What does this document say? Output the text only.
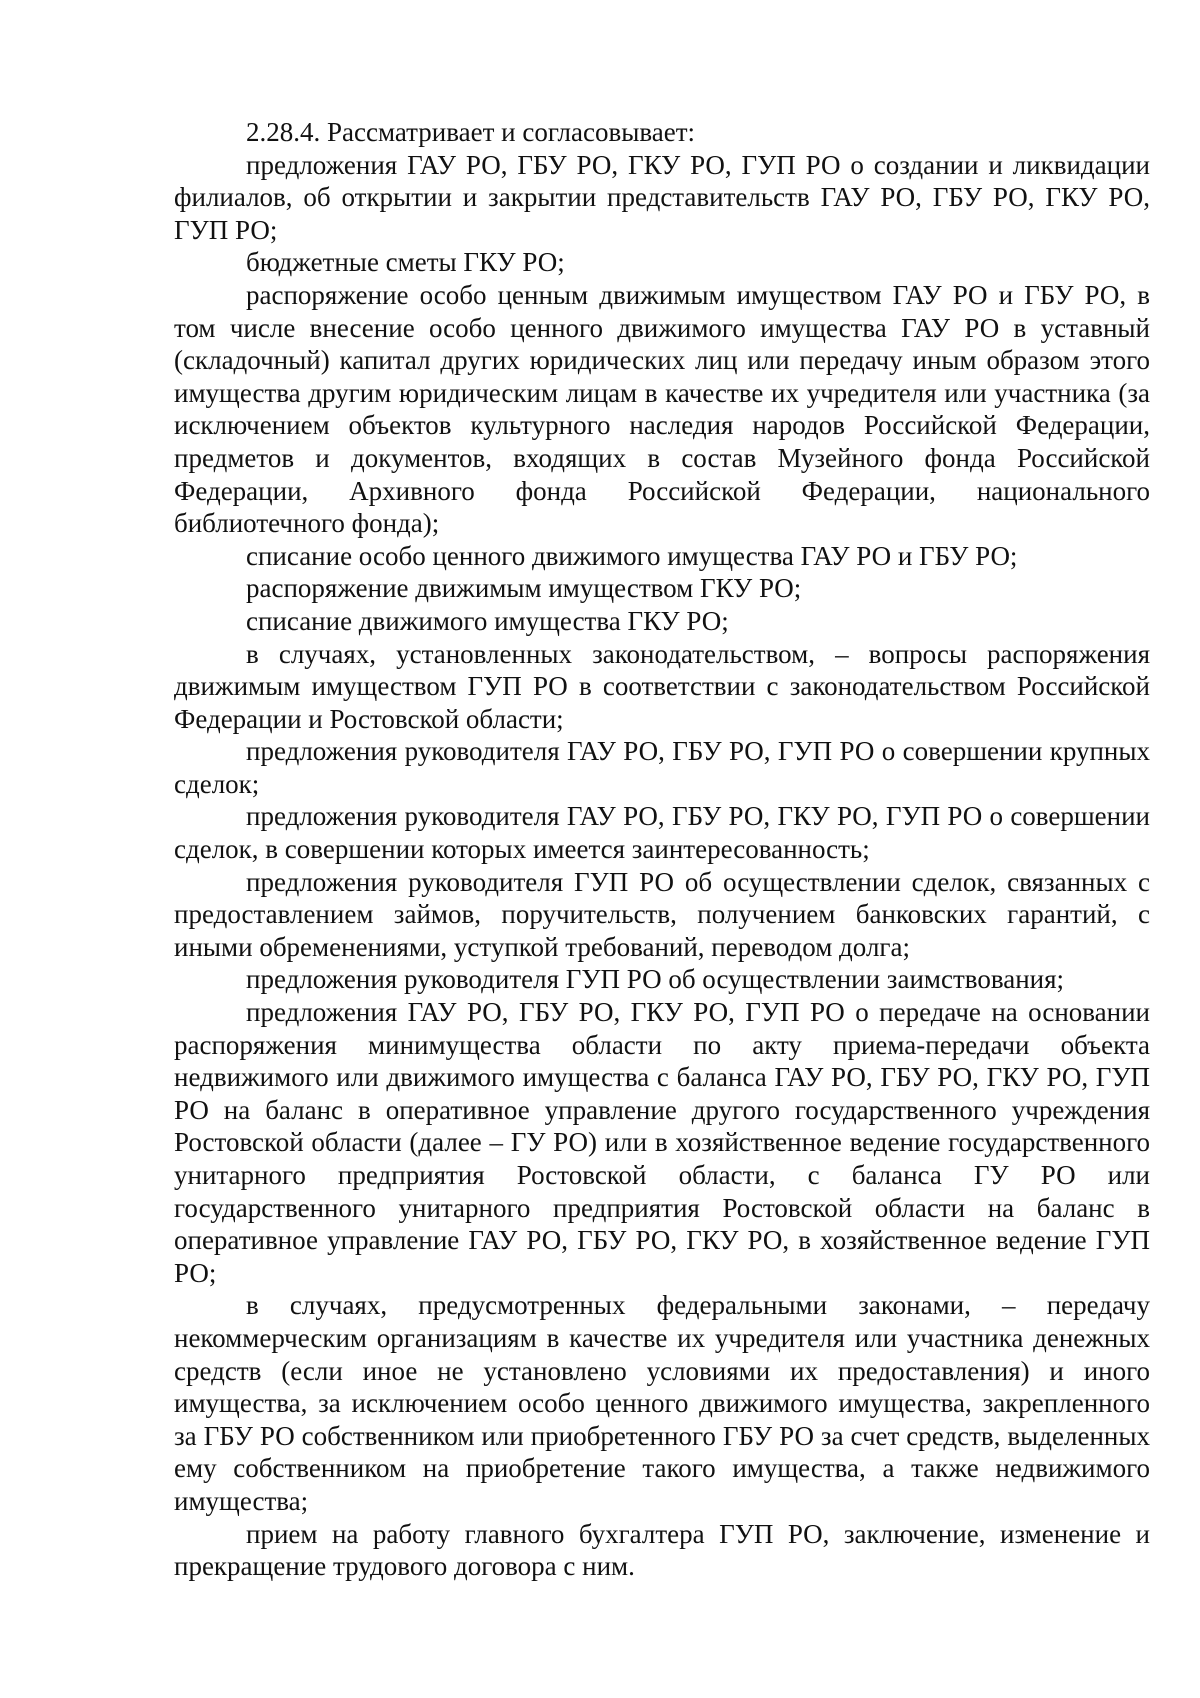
2.28.4. Рассматривает и согласовывает:

предложения ГАУ РО, ГБУ РО, ГКУ РО, ГУП РО о создании и ликвидации филиалов, об открытии и закрытии представительств ГАУ РО, ГБУ РО, ГКУ РО, ГУП РО;

бюджетные сметы ГКУ РО;

распоряжение особо ценным движимым имуществом ГАУ РО и ГБУ РО, в том числе внесение особо ценного движимого имущества ГАУ РО в уставный (складочный) капитал других юридических лиц или передачу иным образом этого имущества другим юридическим лицам в качестве их учредителя или участника (за исключением объектов культурного наследия народов Российской Федерации, предметов и документов, входящих в состав Музейного фонда Российской Федерации, Архивного фонда Российской Федерации, национального библиотечного фонда);

списание особо ценного движимого имущества ГАУ РО и ГБУ РО;

распоряжение движимым имуществом ГКУ РО;

списание движимого имущества ГКУ РО;

в случаях, установленных законодательством, – вопросы распоряжения движимым имуществом ГУП РО в соответствии с законодательством Российской Федерации и Ростовской области;

предложения руководителя ГАУ РО, ГБУ РО, ГУП РО о совершении крупных сделок;

предложения руководителя ГАУ РО, ГБУ РО, ГКУ РО, ГУП РО о совершении сделок, в совершении которых имеется заинтересованность;

предложения руководителя ГУП РО об осуществлении сделок, связанных с предоставлением займов, поручительств, получением банковских гарантий, с иными обременениями, уступкой требований, переводом долга;

предложения руководителя ГУП РО об осуществлении заимствования;

предложения ГАУ РО, ГБУ РО, ГКУ РО, ГУП РО о передаче на основании распоряжения минимущества области по акту приема-передачи объекта недвижимого или движимого имущества с баланса ГАУ РО, ГБУ РО, ГКУ РО, ГУП РО на баланс в оперативное управление другого государственного учреждения Ростовской области (далее – ГУ РО) или в хозяйственное ведение государственного унитарного предприятия Ростовской области, с баланса ГУ РО или государственного унитарного предприятия Ростовской области на баланс в оперативное управление ГАУ РО, ГБУ РО, ГКУ РО, в хозяйственное ведение ГУП РО;

в случаях, предусмотренных федеральными законами, – передачу некоммерческим организациям в качестве их учредителя или участника денежных средств (если иное не установлено условиями их предоставления) и иного имущества, за исключением особо ценного движимого имущества, закрепленного за ГБУ РО собственником или приобретенного ГБУ РО за счет средств, выделенных ему собственником на приобретение такого имущества, а также недвижимого имущества;

прием на работу главного бухгалтера ГУП РО, заключение, изменение и прекращение трудового договора с ним.
